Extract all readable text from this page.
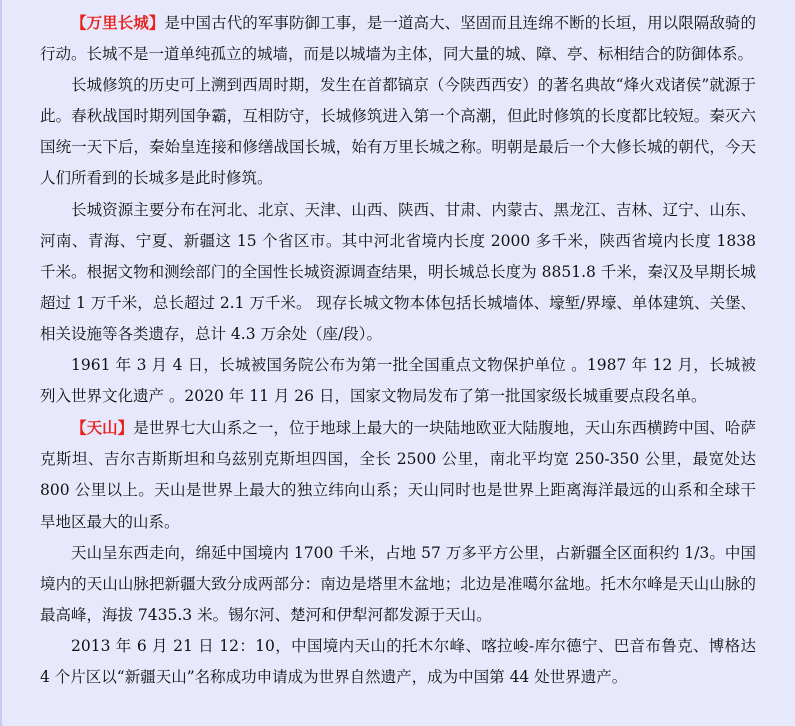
【万里长城】是中国古代的军事防御工事，是一道高大、坚固而且连绵不断的长垣，用以限隔敌骑的行动。长城不是一道单纯孤立的城墙，而是以城墙为主体，同大量的城、障、亭、标相结合的防御体系。

长城修筑的历史可上溯到西周时期，发生在首都镐京（今陕西西安）的著名典故“烽火戏诸侯”就源于此。春秋战国时期列国争霸，互相防守，长城修筑进入第一个高潮，但此时修筑的长度都比较短。秦灭六国统一天下后，秦始皇连接和修缮战国长城，始有万里长城之称。明朝是最后一个大修长城的朝代，今天人们所看到的长城多是此时修筑。

长城资源主要分布在河北、北京、天津、山西、陕西、甘肃、内蒙古、黑龙江、吉林、辽宁、山东、河南、青海、宁夏、新疆这 15 个省区市。其中河北省境内长度 2000 多千米，陕西省境内长度 1838 千米。根据文物和测绘部门的全国性长城资源调查结果，明长城总长度为 8851.8 千米，秦汉及早期长城超过 1 万千米，总长超过 2.1 万千米。 现存长城文物本体包括长城墙体、壕堑/界壕、单体建筑、关堡、相关设施等各类遗存，总计 4.3 万余处（座/段）。

1961 年 3 月 4 日，长城被国务院公布为第一批全国重点文物保护单位 。1987 年 12 月，长城被列入世界文化遗产 。2020 年 11 月 26 日，国家文物局发布了第一批国家级长城重要点段名单。

【天山】是世界七大山系之一，位于地球上最大的一块陆地欧亚大陆腹地，天山东西横跨中国、哈萨克斯坦、吉尔吉斯斯坦和乌兹别克斯坦四国，全长 2500 公里，南北平均宽 250-350 公里，最宽处达 800 公里以上。天山是世界上最大的独立纬向山系；天山同时也是世界上距离海洋最远的山系和全球干旱地区最大的山系。

天山呈东西走向，绵延中国境内 1700 千米，占地 57 万多平方公里，占新疆全区面积约 1/3。中国境内的天山山脉把新疆大致分成两部分：南边是塔里木盆地；北边是准噶尔盆地。托木尔峰是天山山脉的最高峰，海拔 7435.3 米。锡尔河、楚河和伊犁河都发源于天山。

2013 年 6 月 21 日 12：10，中国境内天山的托木尔峰、喀拉峻-库尔德宁、巴音布鲁克、博格达 4 个片区以“新疆天山”名称成功申请成为世界自然遗产，成为中国第 44 处世界遗产。
